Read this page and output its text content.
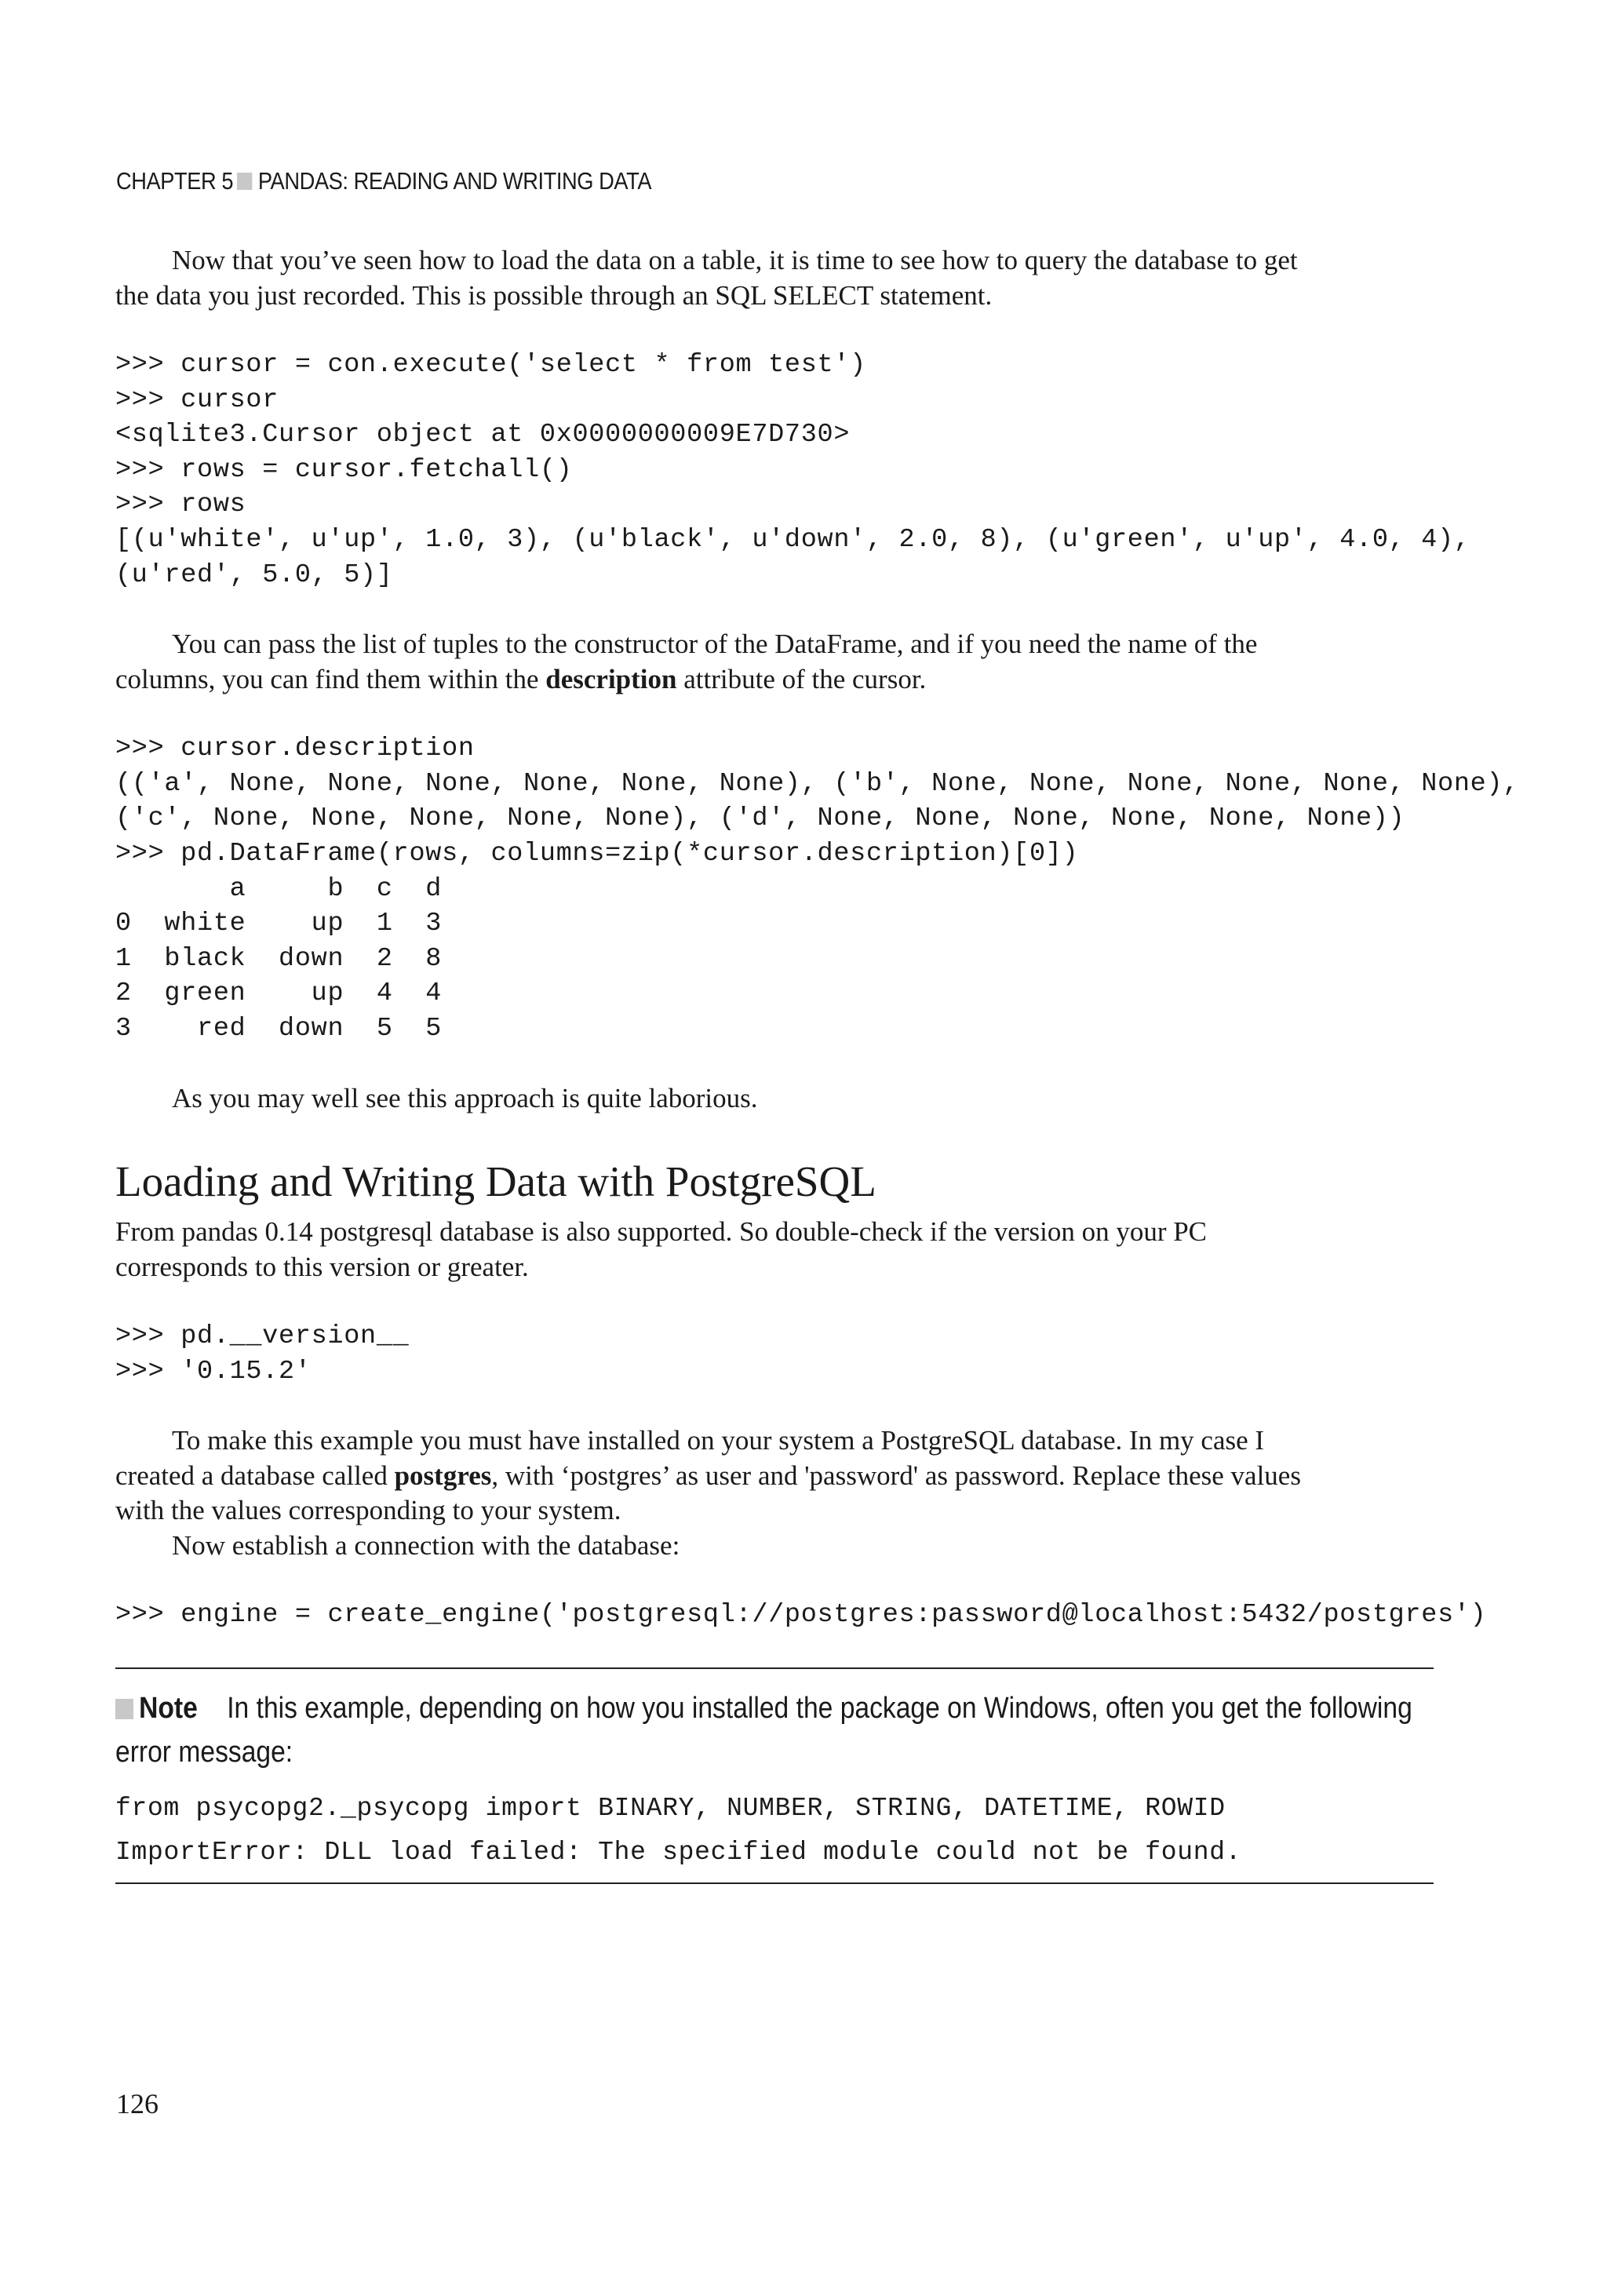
CHAPTER 5 PANDAS: READING AND WRITING DATA

Now that you’ve seen how to load the data on a table, it is time to see how to query the database to get

the data you just recorded. This is possible through an SQL SELECT statement.

>>> cursor = con.execute('select * from test')
>>> cursor
<sqlite3.Cursor object at 0x0000000009E7D730>
>>> rows = cursor.fetchall()
>>> rows
[(u'white', u'up', 1.0, 3), (u'black', u'down', 2.0, 8), (u'green', u'up', 4.0, 4),
(u'red', 5.0, 5)]

You can pass the list of tuples to the constructor of the DataFrame, and if you need the name of the

columns, you can find them within the description attribute of the cursor.

>>> cursor.description
(('a', None, None, None, None, None, None), ('b', None, None, None, None, None, None),
('c', None, None, None, None, None), ('d', None, None, None, None, None, None))
>>> pd.DataFrame(rows, columns=zip(*cursor.description)[0])
a     b  c  d
0  white    up  1  3
1  black  down  2  8
2  green    up  4  4
3    red  down  5  5

As you may well see this approach is quite laborious.

Loading and Writing Data with PostgreSQL

From pandas 0.14 postgresql database is also supported. So double-check if the version on your PC

corresponds to this version or greater.

>>> pd.__version__
>>> '0.15.2'

To make this example you must have installed on your system a PostgreSQL database. In my case I

created a database called postgres, with ‘postgres’ as user and 'password' as password. Replace these values

with the values corresponding to your system.

Now establish a connection with the database:

>>> engine = create_engine('postgresql://postgres:password@localhost:5432/postgres')

Note In this example, depending on how you installed the package on Windows, often you get the following

error message:

from psycopg2._psycopg import BINARY, NUMBER, STRING, DATETIME, ROWID
ImportError: DLL load failed: The specified module could not be found.
126
